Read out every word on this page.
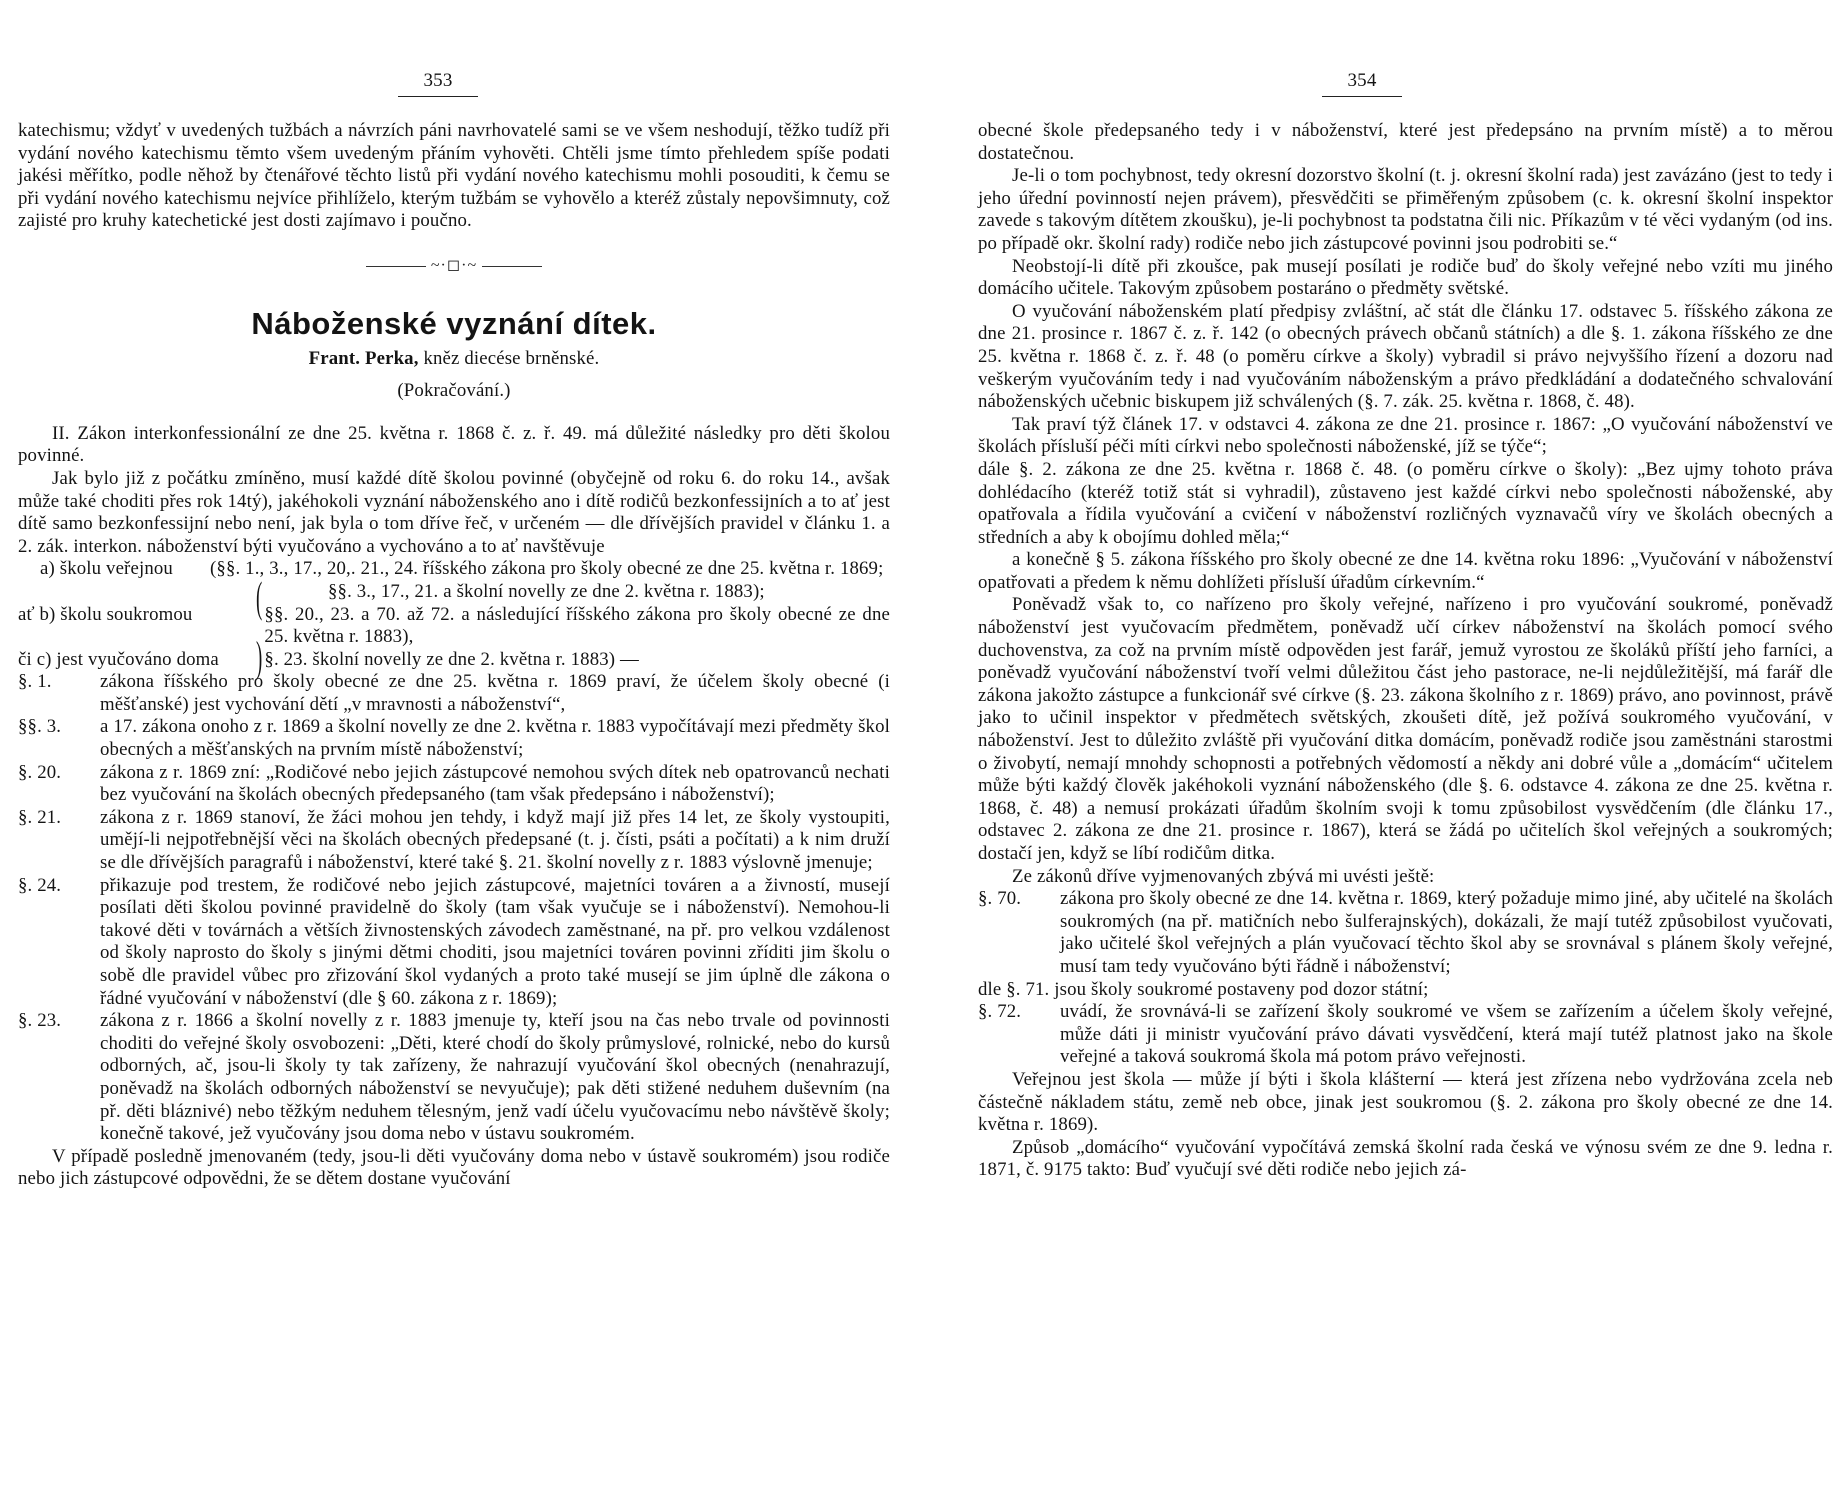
353

katechismu; vždyť v uvedených tužbách a návrzích páni navrhovatelé sami se ve všem neshodují, těžko tudíž při vydání nového katechismu těmto všem uvedeným přáním vyhověti. Chtěli jsme tímto přehledem spíše podati jakési měřítko, podle něhož by čtenářové těchto listů při vydání nového katechismu mohli posouditi, k čemu se při vydání nového katechismu nejvíce přihlíželo, kterým tužbám se vyhovělo a kteréž zůstaly nepovšimnuty, což zajisté pro kruhy katechetické jest dosti zajímavo i poučno.

~·◻·~
Náboženské vyznání dítek.
Frant. Perka, kněz diecése brněnské.
(Pokračování.)

II. Zákon interkonfessionální ze dne 25. května r. 1868 č. z. ř. 49. má důležité následky pro děti školou povinné.

Jak bylo již z počátku zmíněno, musí každé dítě školou povinné (obyčejně od roku 6. do roku 14., avšak může také choditi přes rok 14tý), jakéhokoli vyznání náboženského ano i dítě rodičů bezkonfessijních a to ať jest dítě samo bezkonfessijní nebo není, jak byla o tom dříve řeč, v určeném — dle dřívějších pravidel v článku 1. a 2. zák. interkon. náboženství býti vyučováno a vychováno a to ať navštěvuje

a) školu veřejnou	(§§. 1., 3., 17., 20,. 21., 24. říšského zákona pro školy obecné ze dne 25. května r. 1869;
§§. 3., 17., 21. a školní novelly ze dne 2. května r. 1883);
ať b) školu soukromou	( §§. 20., 23. a 70. až 72. a následující říšského zákona pro školy obecné ze dne 25. května r. 1883),
či c) jest vyučováno doma	) §. 23. školní novelly ze dne 2. května r. 1883) —
§. 1.	zákona říšského pro školy obecné ze dne 25. května r. 1869 praví, že účelem školy obecné (i měšťanské) jest vychování dětí „v mravnosti a náboženství“,
§§. 3.	a 17. zákona onoho z r. 1869 a školní novelly ze dne 2. května r. 1883 vypočítávají mezi předměty škol obecných a měšťanských na prvním místě náboženství;
§. 20.	zákona z r. 1869 zní: „Rodičové nebo jejich zástupcové nemohou svých dítek neb opatrovanců nechati bez vyučování na školách obecných předepsaného (tam však předepsáno i náboženství);
§. 21.	zákona z r. 1869 stanoví, že žáci mohou jen tehdy, i když mají již přes 14 let, ze školy vystoupiti, umějí-li nejpotřebnější věci na školách obecných předepsané (t. j. čísti, psáti a počítati) a k nim druží se dle dřívějších paragrafů i náboženství, které také §. 21. školní novelly z r. 1883 výslovně jmenuje;
§. 24.	přikazuje pod trestem, že rodičové nebo jejich zástupcové, majetníci továren a a živností, musejí posílati děti školou povinné pravidelně do školy (tam však vyučuje se i náboženství). Nemohou-li takové děti v továrnách a větších živnostenských závodech zaměstnané, na př. pro velkou vzdálenost od školy naprosto do školy s jinými dětmi choditi, jsou majetníci továren povinni zříditi jim školu o sobě dle pravidel vůbec pro zřizování škol vydaných a proto také musejí se jim úplně dle zákona o řádné vyučování v náboženství (dle § 60. zákona z r. 1869);
§. 23.	zákona z r. 1866 a školní novelly z r. 1883 jmenuje ty, kteří jsou na čas nebo trvale od povinnosti choditi do veřejné školy osvobozeni: „Děti, které chodí do školy průmyslové, rolnické, nebo do kursů odborných, ač, jsou-li školy ty tak zařízeny, že nahrazují vyučování škol obecných (nenahrazují, poněvadž na školách odborných náboženství se nevyučuje); pak děti stižené neduhem duševním (na př. děti bláznivé) nebo těžkým neduhem tělesným, jenž vadí účelu vyučovacímu nebo návštěvě školy; konečně takové, jež vyučovány jsou doma nebo v ústavu soukromém.

V případě posledně jmenovaném (tedy, jsou-li děti vyučovány doma nebo v ústavě soukromém) jsou rodiče nebo jich zástupcové odpovědni, že se dětem dostane vyučování

354

obecné škole předepsaného tedy i v náboženství, které jest předepsáno na prvním místě) a to měrou dostatečnou.

Je-li o tom pochybnost, tedy okresní dozorstvo školní (t. j. okresní školní rada) jest zavázáno (jest to tedy i jeho úřední povinností nejen právem), přesvědčiti se přiměřeným způsobem (c. k. okresní školní inspektor zavede s takovým dítětem zkoušku), je-li pochybnost ta podstatna čili nic. Příkazům v té věci vydaným (od ins. po případě okr. školní rady) rodiče nebo jich zástupcové povinni jsou podrobiti se.“

Neobstojí-li dítě při zkoušce, pak musejí posílati je rodiče buď do školy veřejné nebo vzíti mu jiného domácího učitele. Takovým způsobem postaráno o předměty světské.

O vyučování náboženském platí předpisy zvláštní, ač stát dle článku 17. odstavec 5. říšského zákona ze dne 21. prosince r. 1867 č. z. ř. 142 (o obecných právech občanů státních) a dle §. 1. zákona říšského ze dne 25. května r. 1868 č. z. ř. 48 (o poměru církve a školy) vybradil si právo nejvyššího řízení a dozoru nad veškerým vyučováním tedy i nad vyučováním náboženským a právo předkládání a dodatečného schvalování náboženských učebnic biskupem již schválených (§. 7. zák. 25. května r. 1868, č. 48).

Tak praví týž článek 17. v odstavci 4. zákona ze dne 21. prosince r. 1867: „O vyučování náboženství ve školách přísluší péči míti církvi nebo společnosti náboženské, jíž se týče“;

dále §. 2. zákona ze dne 25. května r. 1868 č. 48. (o poměru církve o školy): „Bez ujmy tohoto práva dohlédacího (kteréž totiž stát si vyhradil), zůstaveno jest každé církvi nebo společnosti náboženské, aby opatřovala a řídila vyučování a cvičení v náboženství rozličných vyznavačů víry ve školách obecných a středních a aby k obojímu dohled měla;“

a konečně § 5. zákona říšského pro školy obecné ze dne 14. května roku 1896: „Vyučování v náboženství opatřovati a předem k němu dohlížeti přísluší úřadům církevním.“

Poněvadž však to, co nařízeno pro školy veřejné, nařízeno i pro vyučování soukromé, poněvadž náboženství jest vyučovacím předmětem, poněvadž učí církev náboženství na školách pomocí svého duchovenstva, za což na prvním místě odpověden jest farář, jemuž vyrostou ze školáků příští jeho farníci, a poněvadž vyučování náboženství tvoří velmi důležitou část jeho pastorace, ne-li nejdůležitější, má farář dle zákona jakožto zástupce a funkcionář své církve (§. 23. zákona školního z r. 1869) právo, ano povinnost, právě jako to učinil inspektor v předmětech světských, zkoušeti dítě, jež požívá soukromého vyučování, v náboženství. Jest to důležito zvláště při vyučování ditka domácím, poněvadž rodiče jsou zaměstnáni starostmi o živobytí, nemají mnohdy schopnosti a potřebných vědomostí a někdy ani dobré vůle a „domácím“ učitelem může býti každý člověk jakéhokoli vyznání náboženského (dle §. 6. odstavce 4. zákona ze dne 25. května r. 1868, č. 48) a nemusí prokázati úřadům školním svoji k tomu způsobilost vysvědčením (dle článku 17., odstavec 2. zákona ze dne 21. prosince r. 1867), která se žádá po učitelích škol veřejných a soukromých; dostačí jen, když se líbí rodičům ditka.

Ze zákonů dříve vyjmenovaných zbývá mi uvésti ještě:

§. 70.	zákona pro školy obecné ze dne 14. května r. 1869, který požaduje mimo jiné, aby učitelé na školách soukromých (na př. matičních nebo šulferajnských), dokázali, že mají tutéž způsobilost vyučovati, jako učitelé škol veřejných a plán vyučovací těchto škol aby se srovnával s plánem školy veřejné, musí tam tedy vyučováno býti řádně i náboženství;

dle §. 71. jsou školy soukromé postaveny pod dozor státní;

§. 72.	uvádí, že srovnává-li se zařízení školy soukromé ve všem se zařízením a účelem školy veřejné, může dáti ji ministr vyučování právo dávati vysvědčení, která mají tutéž platnost jako na škole veřejné a taková soukromá škola má potom právo veřejnosti.

Veřejnou jest škola — může jí býti i škola klášterní — která jest zřízena nebo vydržována zcela neb částečně nákladem státu, země neb obce, jinak jest soukromou (§. 2. zákona pro školy obecné ze dne 14. května r. 1869).

Způsob „domácího“ vyučování vypočítává zemská školní rada česká ve výnosu svém ze dne 9. ledna r. 1871, č. 9175 takto: Buď vyučují své děti rodiče nebo jejich zá-
